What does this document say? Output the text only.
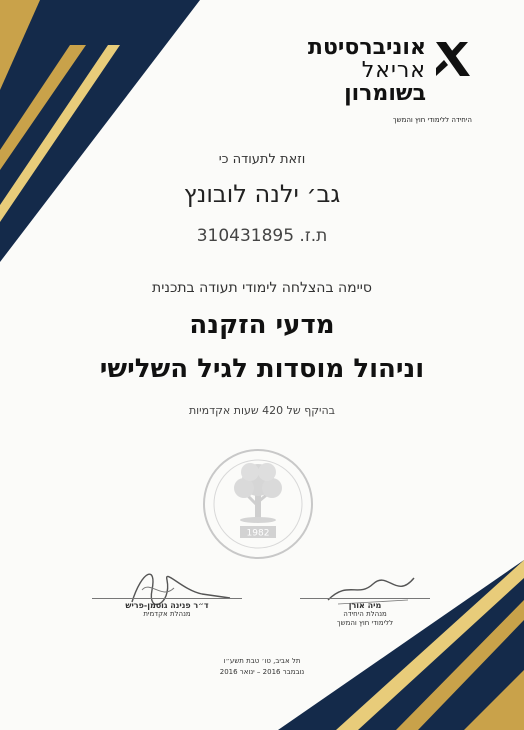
אוניברסיטת
אריאל
בשומרון
היחידה ללימודי חוץ והמשך
וזאת לתעודה כי
גב׳ ילנה לובונץ
ת.ז. 310431895
סיימה בהצלחה לימודי תעודה בתכנית
מדעי הזקנה
וניהול מוסדות לגיל השלישי
בהיקף של 420 שעות אקדמיות
1982
ד״ר פנינה גוטמן-פריש
מנהלת אקדמית
מיה אורן
מנהלת היחידה
ללימודי חוץ והמשך
תל אביב, טו׳ טבת תשע״ו
נובמבר 2016 – ינואר 2016
